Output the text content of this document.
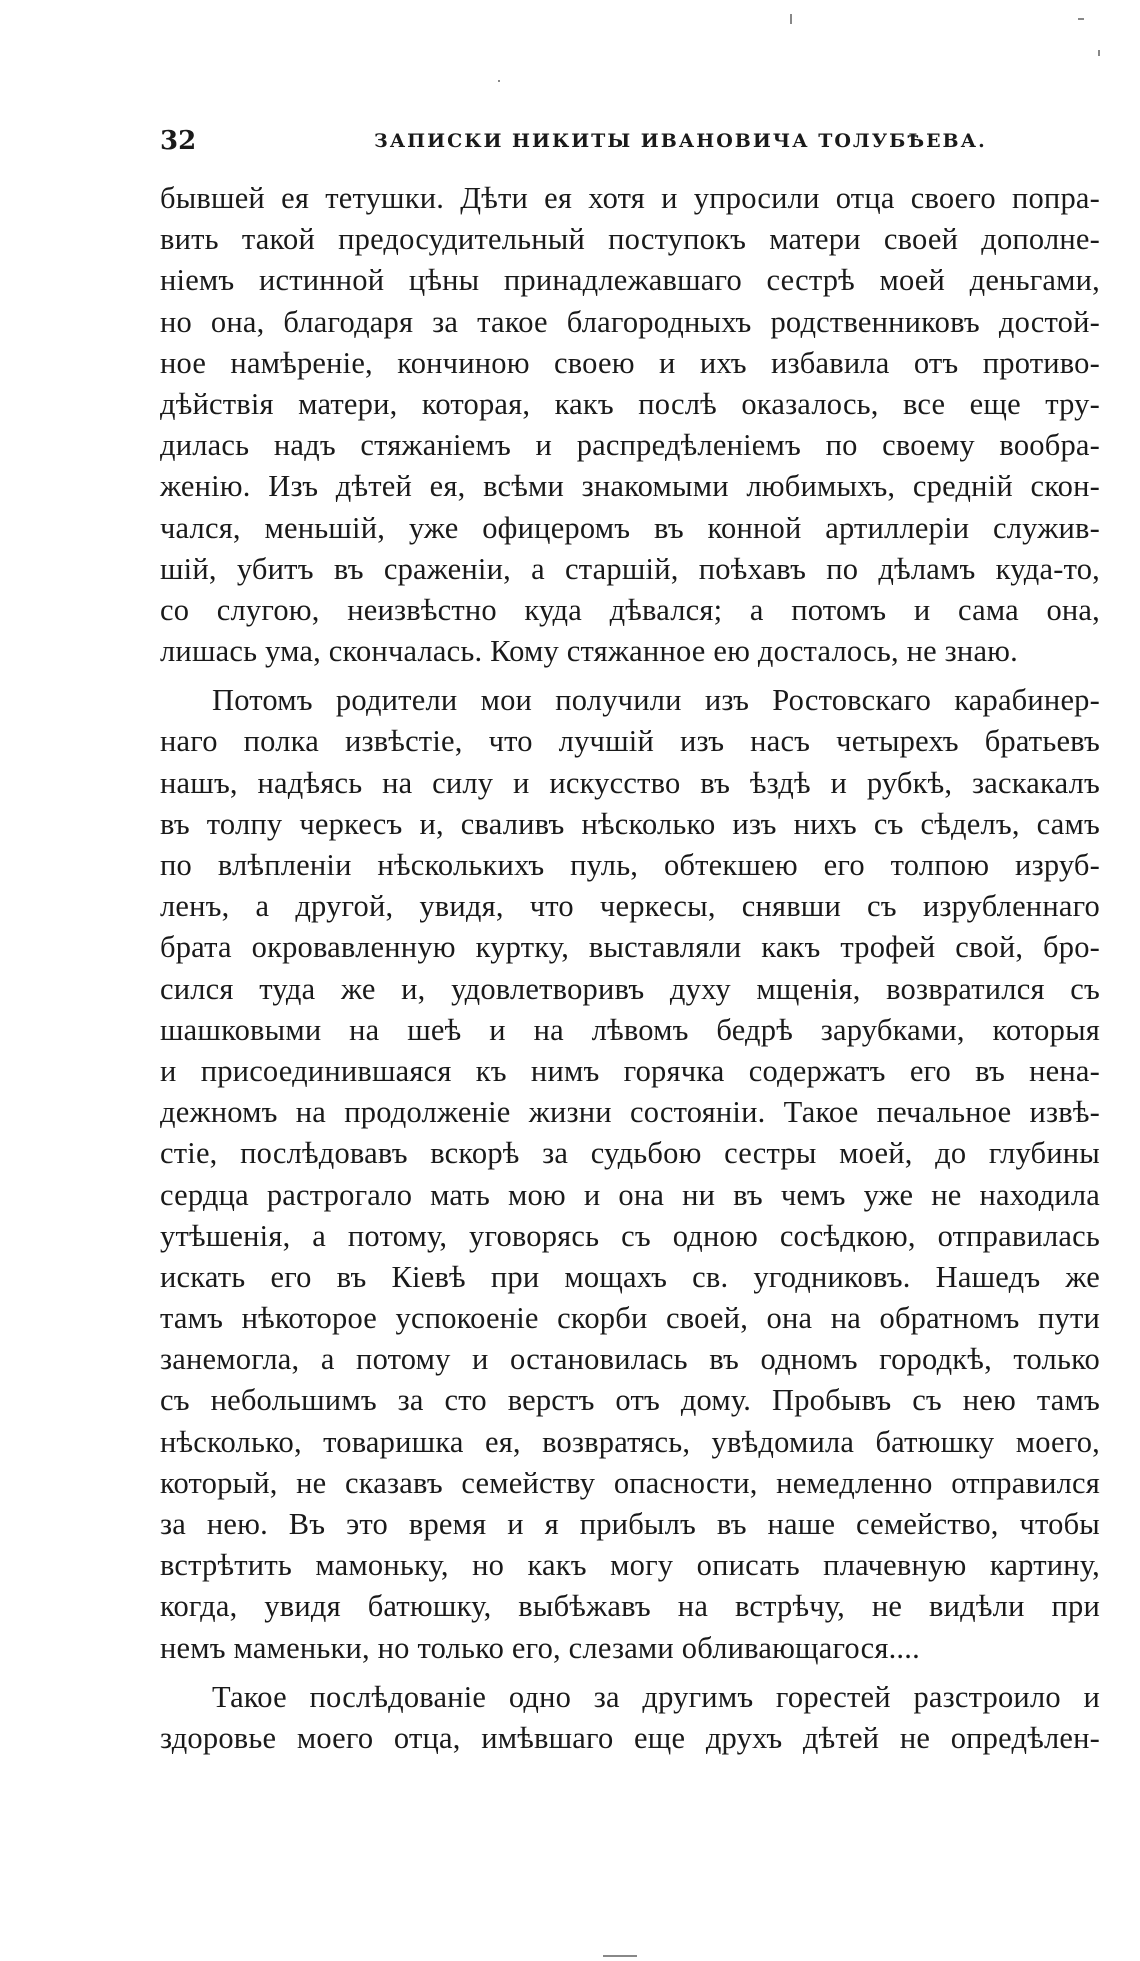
32	ЗАПИСКИ НИКИТЫ ИВАНОВИЧА ТОЛУБѢЕВА.
бывшей ея тетушки. Дѣти ея хотя и упросили отца своего попра-
вить такой предосудительный поступокъ матери своей дополне-
ніемъ истинной цѣны принадлежавшаго сестрѣ моей деньгами,
но она, благодаря за такое благородныхъ родственниковъ достой-
ное намѣреніе, кончиною своею и ихъ избавила отъ противо-
дѣйствія матери, которая, какъ послѣ оказалось, все еще тру-
дилась надъ стяжаніемъ и распредѣленіемъ по своему вообра-
женію. Изъ дѣтей ея, всѣми знакомыми любимыхъ, средній скон-
чался, меньшій, уже офицеромъ въ конной артиллеріи служив-
шій, убитъ въ сраженіи, а старшій, поѣхавъ по дѣламъ куда-то,
со слугою, неизвѣстно куда дѣвался; а потомъ и сама она,
лишась ума, скончалась. Кому стяжанное ею досталось, не знаю.
Потомъ родители мои получили изъ Ростовскаго карабинер-
наго полка извѣстіе, что лучшій изъ насъ четырехъ братьевъ
нашъ, надѣясь на силу и искусство въ ѣздѣ и рубкѣ, заскакалъ
въ толпу черкесъ и, сваливъ нѣсколько изъ нихъ съ сѣделъ, самъ
по влѣпленіи нѣсколькихъ пуль, обтекшею его толпою изруб-
ленъ, а другой, увидя, что черкесы, снявши съ изрубленнаго
брата окровавленную куртку, выставляли какъ трофей свой, бро-
сился туда же и, удовлетворивъ духу мщенія, возвратился съ
шашковыми на шеѣ и на лѣвомъ бедрѣ зарубками, которыя
и присоединившаяся къ нимъ горячка содержатъ его въ нена-
дежномъ на продолженіе жизни состояніи. Такое печальное извѣ-
стіе, послѣдовавъ вскорѣ за судьбою сестры моей, до глубины
сердца растрогало мать мою и она ни въ чемъ уже не находила
утѣшенія, а потому, уговорясь съ одною сосѣдкою, отправилась
искать его въ Кіевѣ при мощахъ св. угодниковъ. Нашедъ же
тамъ нѣкоторое успокоеніе скорби своей, она на обратномъ пути
занемогла, а потому и остановилась въ одномъ городкѣ, только
съ небольшимъ за сто верстъ отъ дому. Пробывъ съ нею тамъ
нѣсколько, товаришка ея, возвратясь, увѣдомила батюшку моего,
который, не сказавъ семейству опасности, немедленно отправился
за нею. Въ это время и я прибылъ въ наше семейство, чтобы
встрѣтить мамоньку, но какъ могу описать плачевную картину,
когда, увидя батюшку, выбѣжавъ на встрѣчу, не видѣли при
немъ маменьки, но только его, слезами обливающагося....
Такое послѣдованіе одно за другимъ горестей разстроило и
здоровье моего отца, имѣвшаго еще друхъ дѣтей не опредѣлен-
